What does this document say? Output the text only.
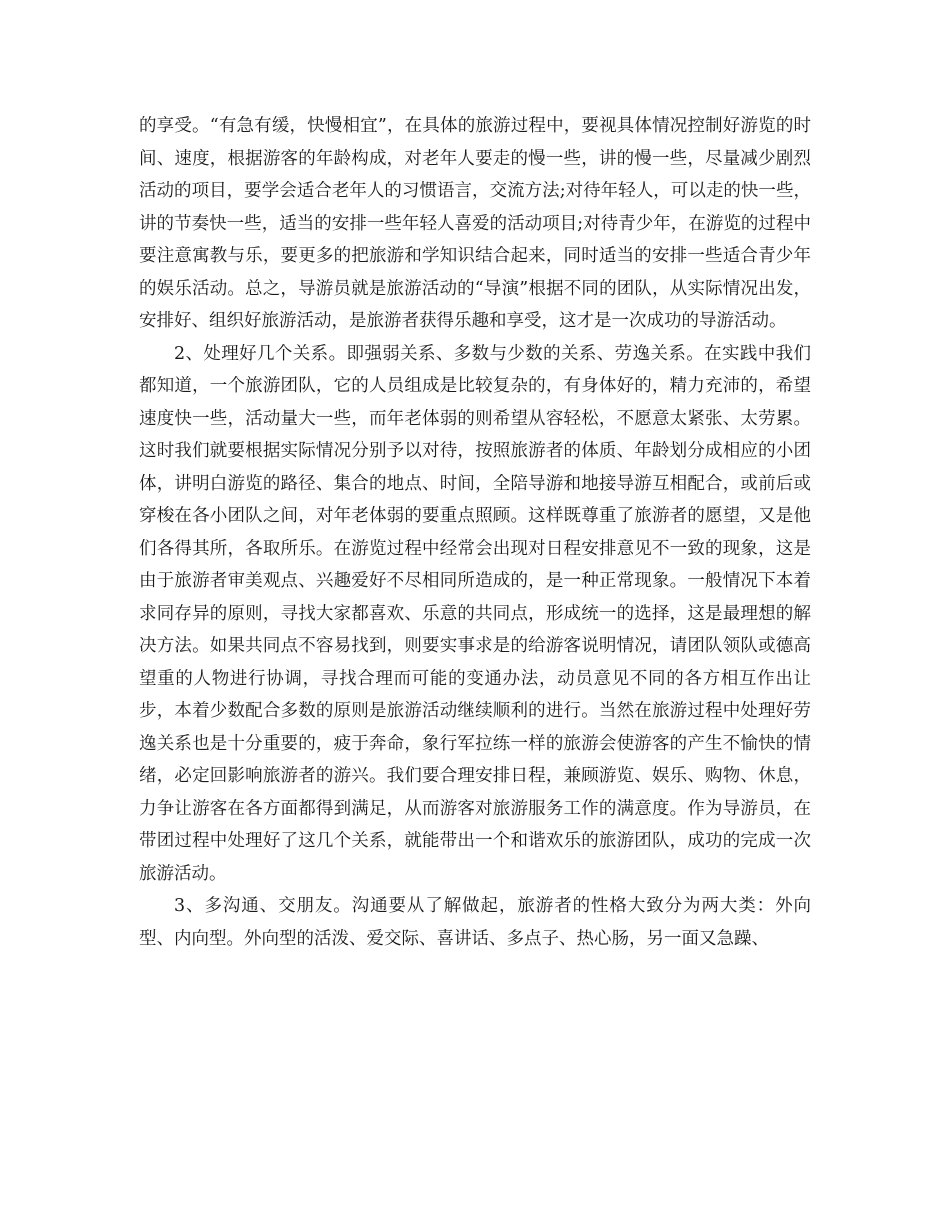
的享受。“有急有缓，快慢相宜”，在具体的旅游过程中，要视具体情况控制好游览的时间、速度，根据游客的年龄构成，对老年人要走的慢一些，讲的慢一些，尽量减少剧烈活动的项目，要学会适合老年人的习惯语言，交流方法;对待年轻人，可以走的快一些，讲的节奏快一些，适当的安排一些年轻人喜爱的活动项目;对待青少年，在游览的过程中要注意寓教与乐，要更多的把旅游和学知识结合起来，同时适当的安排一些适合青少年的娱乐活动。总之，导游员就是旅游活动的“导演”根据不同的团队，从实际情况出发，安排好、组织好旅游活动，是旅游者获得乐趣和享受，这才是一次成功的导游活动。

2、处理好几个关系。即强弱关系、多数与少数的关系、劳逸关系。在实践中我们都知道，一个旅游团队，它的人员组成是比较复杂的，有身体好的，精力充沛的，希望速度快一些，活动量大一些，而年老体弱的则希望从容轻松，不愿意太紧张、太劳累。这时我们就要根据实际情况分别予以对待，按照旅游者的体质、年龄划分成相应的小团体，讲明白游览的路径、集合的地点、时间，全陪导游和地接导游互相配合，或前后或穿梭在各小团队之间，对年老体弱的要重点照顾。这样既尊重了旅游者的愿望，又是他们各得其所，各取所乐。在游览过程中经常会出现对日程安排意见不一致的现象，这是由于旅游者审美观点、兴趣爱好不尽相同所造成的，是一种正常现象。一般情况下本着求同存异的原则，寻找大家都喜欢、乐意的共同点，形成统一的选择，这是最理想的解决方法。如果共同点不容易找到，则要实事求是的给游客说明情况，请团队领队或德高望重的人物进行协调，寻找合理而可能的变通办法，动员意见不同的各方相互作出让步，本着少数配合多数的原则是旅游活动继续顺利的进行。当然在旅游过程中处理好劳逸关系也是十分重要的，疲于奔命，象行军拉练一样的旅游会使游客的产生不愉快的情绪，必定回影响旅游者的游兴。我们要合理安排日程，兼顾游览、娱乐、购物、休息，力争让游客在各方面都得到满足，从而游客对旅游服务工作的满意度。作为导游员，在带团过程中处理好了这几个关系，就能带出一个和谐欢乐的旅游团队，成功的完成一次旅游活动。

3、多沟通、交朋友。沟通要从了解做起，旅游者的性格大致分为两大类：外向型、内向型。外向型的活泼、爱交际、喜讲话、多点子、热心肠，另一面又急躁、
